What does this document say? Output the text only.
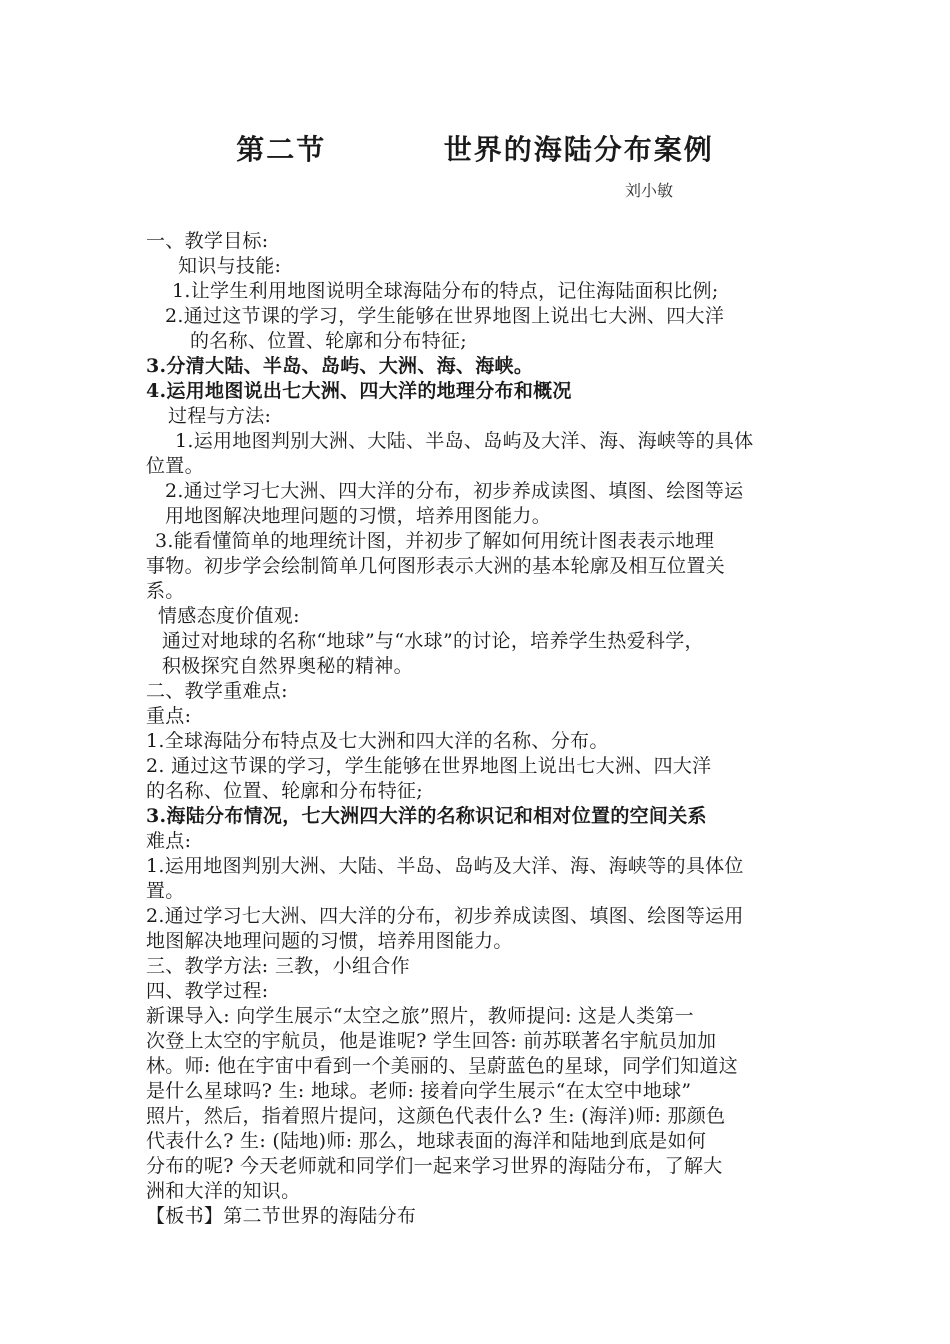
第二节          世界的海陆分布案例
刘小敏
一、教学目标:
知识与技能:
1.让学生利用地图说明全球海陆分布的特点，记住海陆面积比例;
2.通过这节课的学习，学生能够在世界地图上说出七大洲、四大洋
的名称、位置、轮廓和分布特征;
3.分清大陆、半岛、岛屿、大洲、海、海峡。
4.运用地图说出七大洲、四大洋的地理分布和概况
过程与方法:
1.运用地图判别大洲、大陆、半岛、岛屿及大洋、海、海峡等的具体
位置。
2.通过学习七大洲、四大洋的分布，初步养成读图、填图、绘图等运
用地图解决地理问题的习惯，培养用图能力。
3.能看懂简单的地理统计图，并初步了解如何用统计图表表示地理
事物。初步学会绘制简单几何图形表示大洲的基本轮廓及相互位置关
系。
情感态度价值观:
通过对地球的名称“地球”与“水球”的讨论，培养学生热爱科学，
积极探究自然界奥秘的精神。
二、教学重难点:
重点:
1.全球海陆分布特点及七大洲和四大洋的名称、分布。
2. 通过这节课的学习，学生能够在世界地图上说出七大洲、四大洋
的名称、位置、轮廓和分布特征;
3.海陆分布情况，七大洲四大洋的名称识记和相对位置的空间关系
难点:
1.运用地图判别大洲、大陆、半岛、岛屿及大洋、海、海峡等的具体位
置。
2.通过学习七大洲、四大洋的分布，初步养成读图、填图、绘图等运用
地图解决地理问题的习惯，培养用图能力。
三、教学方法: 三教，小组合作
四、教学过程:
新课导入: 向学生展示“太空之旅”照片，教师提问: 这是人类第一
次登上太空的宇航员，他是谁呢? 学生回答: 前苏联著名宇航员加加
林。师: 他在宇宙中看到一个美丽的、呈蔚蓝色的星球，同学们知道这
是什么星球吗? 生: 地球。老师: 接着向学生展示“在太空中地球”
照片，然后，指着照片提问，这颜色代表什么? 生: (海洋)师: 那颜色
代表什么? 生: (陆地)师: 那么，地球表面的海洋和陆地到底是如何
分布的呢? 今天老师就和同学们一起来学习世界的海陆分布，了解大
洲和大洋的知识。
【板书】第二节世界的海陆分布
